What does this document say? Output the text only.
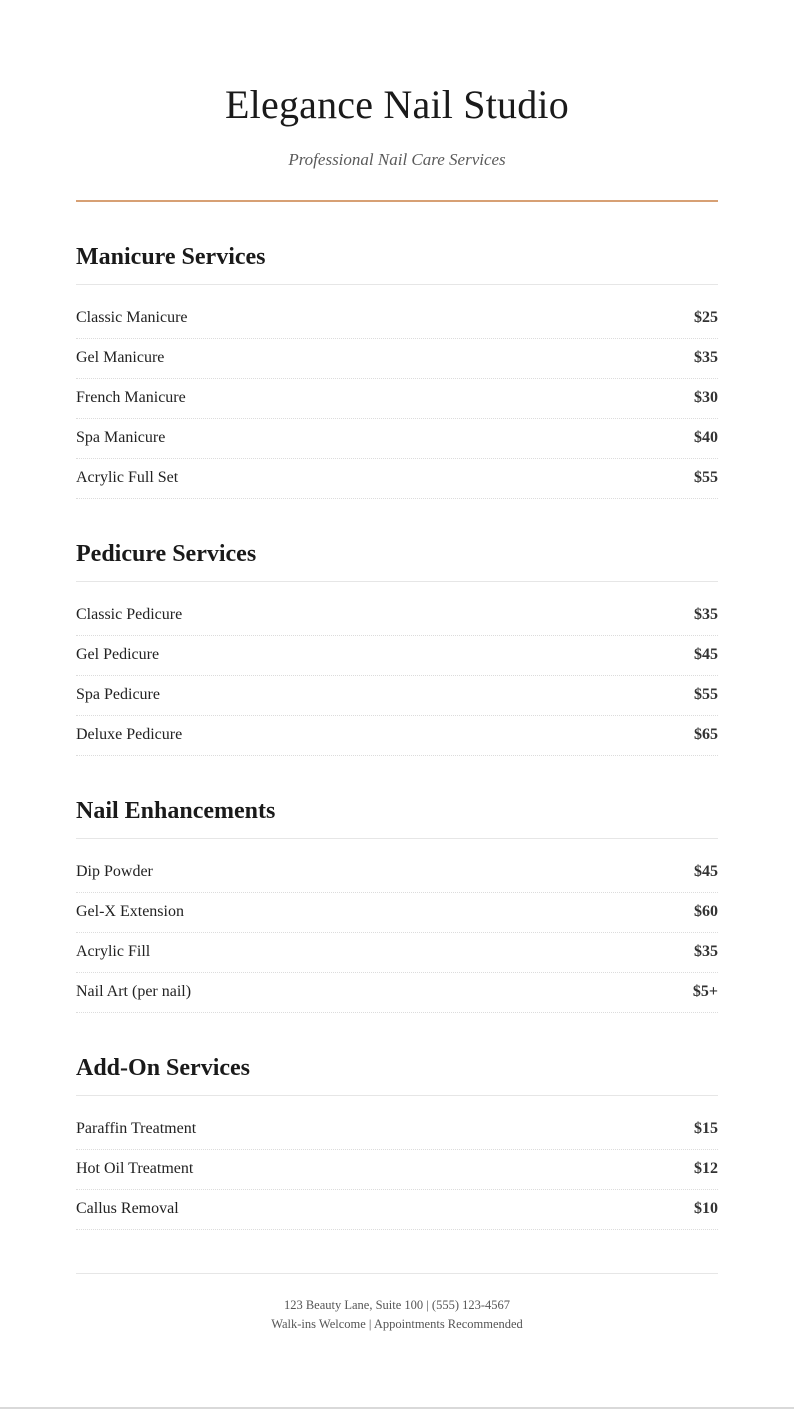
Elegance Nail Studio
Professional Nail Care Services
Manicure Services
Classic Manicure	$25
Gel Manicure	$35
French Manicure	$30
Spa Manicure	$40
Acrylic Full Set	$55
Pedicure Services
Classic Pedicure	$35
Gel Pedicure	$45
Spa Pedicure	$55
Deluxe Pedicure	$65
Nail Enhancements
Dip Powder	$45
Gel-X Extension	$60
Acrylic Fill	$35
Nail Art (per nail)	$5+
Add-On Services
Paraffin Treatment	$15
Hot Oil Treatment	$12
Callus Removal	$10
123 Beauty Lane, Suite 100 | (555) 123-4567
Walk-ins Welcome | Appointments Recommended
